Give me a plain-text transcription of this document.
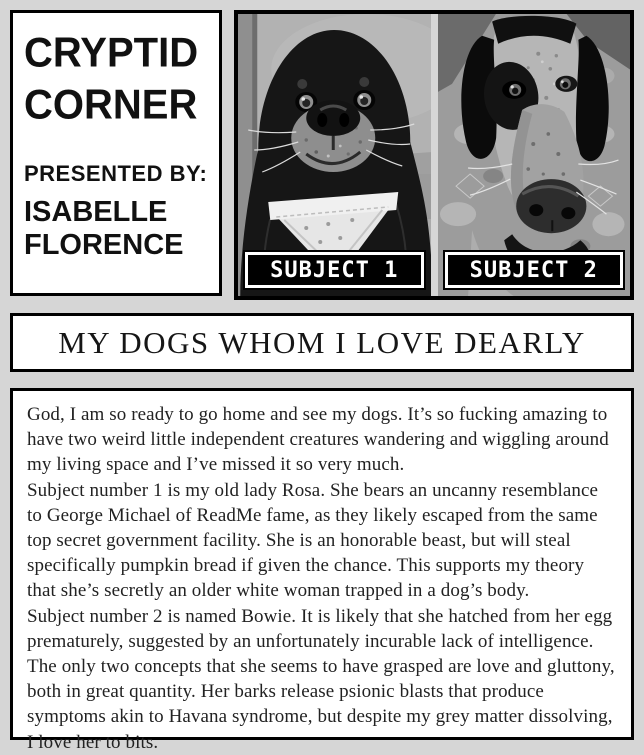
CRYPTID
CORNER
PRESENTED BY:
ISABELLE
FLORENCE
SUBJECT 1	SUBJECT 2
MY DOGS WHOM I LOVE DEARLY

God, I am so ready to go home and see my dogs. It’s so fucking amazing to have two weird little independent creatures wandering and wiggling around my living space and I’ve missed it so very much.

Subject number 1 is my old lady Rosa. She bears an uncanny resemblance to George Michael of ReadMe fame, as they likely escaped from the same top secret government facility. She is an honorable beast, but will steal specifically pumpkin bread if given the chance. This supports my theory that she’s secretly an older white woman trapped in a dog’s body.

Subject number 2 is named Bowie. It is likely that she hatched from her egg prematurely, suggested by an unfortunately incurable lack of intelligence. The only two concepts that she seems to have grasped are love and gluttony, both in great quantity. Her barks release psionic blasts that produce symptoms akin to Havana syndrome, but despite my grey matter dissolving, I love her to bits.
